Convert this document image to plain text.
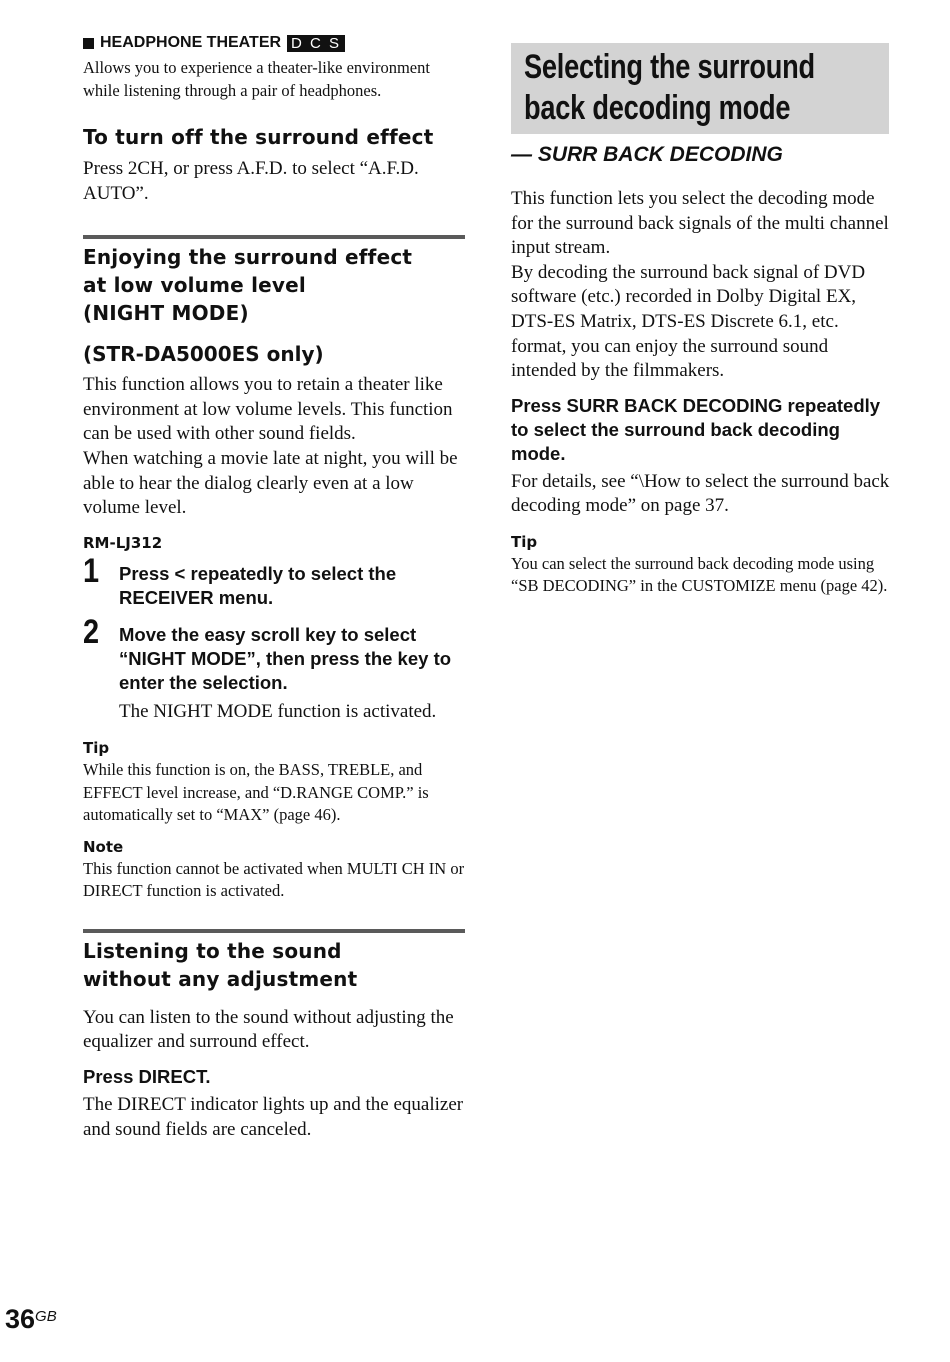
HEADPHONE THEATER D C S

Allows you to experience a theater-like environment while listening through a pair of headphones.

To turn off the surround effect

Press 2CH, or press A.F.D. to select “A.F.D. AUTO”.

Enjoying the surround effect

at low volume level

(NIGHT MODE)

(STR-DA5000ES only)

This function allows you to retain a theater like environment at low volume levels. This function can be used with other sound fields.

When watching a movie late at night, you will be able to hear the dialog clearly even at a low volume level.

RM-LJ312

1	Press < repeatedly to select the RECEIVER menu.

2	Move the easy scroll key to select “NIGHT MODE”, then press the key to enter the selection.

The NIGHT MODE function is activated.

Tip

While this function is on, the BASS, TREBLE, and EFFECT level increase, and “D.RANGE COMP.” is automatically set to “MAX” (page 46).

Note

This function cannot be activated when MULTI CH IN or DIRECT function is activated.

Listening to the sound

without any adjustment

You can listen to the sound without adjusting the equalizer and surround effect.

Press DIRECT.

The DIRECT indicator lights up and the equalizer and sound fields are canceled.

Selecting the surround
back decoding mode

— SURR BACK DECODING

This function lets you select the decoding mode for the surround back signals of the multi channel input stream.

By decoding the surround back signal of DVD software (etc.) recorded in Dolby Digital EX, DTS-ES Matrix, DTS-ES Discrete 6.1, etc. format, you can enjoy the surround sound intended by the filmmakers.

Press SURR BACK DECODING repeatedly to select the surround back decoding mode.

For details, see “\How to select the surround back decoding mode” on page 37.

Tip

You can select the surround back decoding mode using “SB DECODING” in the CUSTOMIZE menu (page 42).

$36^{GB}$
